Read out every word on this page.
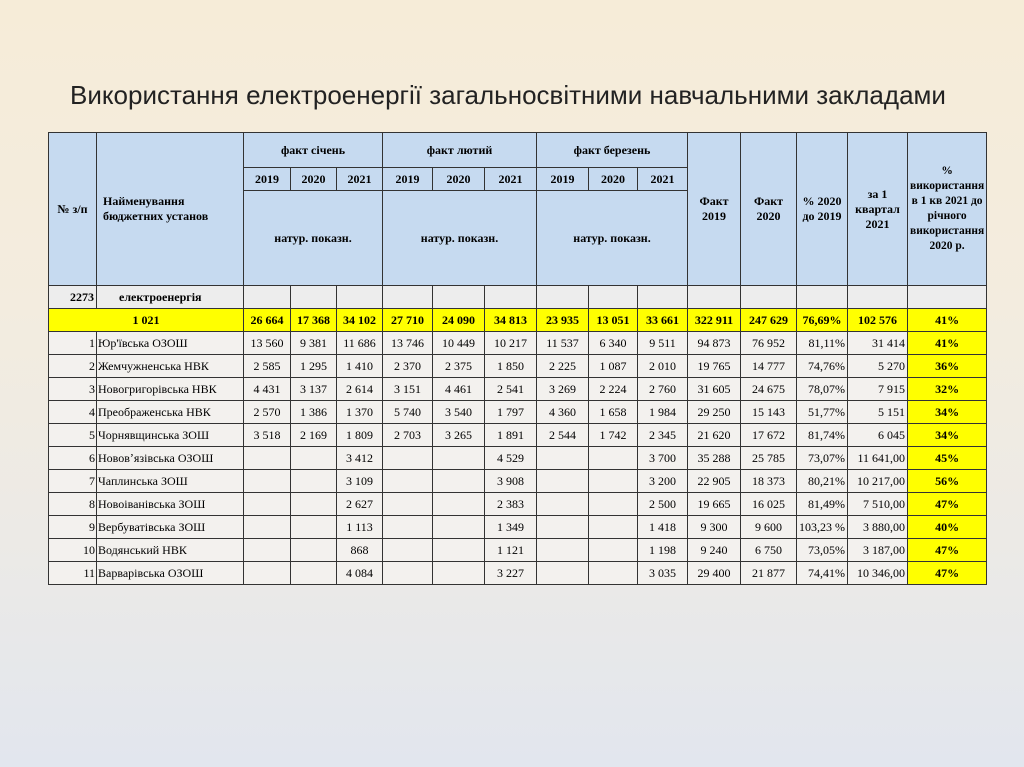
Використання електроенергії загальносвітними навчальними закладами
№ з/п	Найменування бюджетних установ	факт січень			факт лютий			факт березень			Факт 2019	Факт 2020	% 2020 до 2019	за 1 квартал 2021	% використання в 1 кв 2021 до річного використання 2020 р.
		2019	2020	2021	2019	2020	2021	2019	2020	2021					
		натур. показн.			натур. показн.			натур. показн.							
2273	електроенергія														
1 021		26 664	17 368	34 102	27 710	24 090	34 813	23 935	13 051	33 661	322 911	247 629	76,69%	102 576	41%
1	Юр'ївська ОЗОШ	13 560	9 381	11 686	13 746	10 449	10 217	11 537	6 340	9 511	94 873	76 952	81,11%	31 414	41%
2	Жемчужненська НВК	2 585	1 295	1 410	2 370	2 375	1 850	2 225	1 087	2 010	19 765	14 777	74,76%	5 270	36%
3	Новогригорівська НВК	4 431	3 137	2 614	3 151	4 461	2 541	3 269	2 224	2 760	31 605	24 675	78,07%	7 915	32%
4	Преображенська НВК	2 570	1 386	1 370	5 740	3 540	1 797	4 360	1 658	1 984	29 250	15 143	51,77%	5 151	34%
5	Чорнявщинська ЗОШ	3 518	2 169	1 809	2 703	3 265	1 891	2 544	1 742	2 345	21 620	17 672	81,74%	6 045	34%
6	Нововʼязівська ОЗОШ			3 412			4 529			3 700	35 288	25 785	73,07%	11 641,00	45%
7	Чаплинська ЗОШ			3 109			3 908			3 200	22 905	18 373	80,21%	10 217,00	56%
8	Новоіванівська ЗОШ			2 627			2 383			2 500	19 665	16 025	81,49%	7 510,00	47%
9	Вербуватівська ЗОШ			1 113			1 349			1 418	9 300	9 600	103,23 %	3 880,00	40%
10	Водянський НВК			868			1 121			1 198	9 240	6 750	73,05%	3 187,00	47%
11	Варварівська ОЗОШ			4 084			3 227			3 035	29 400	21 877	74,41%	10 346,00	47%
